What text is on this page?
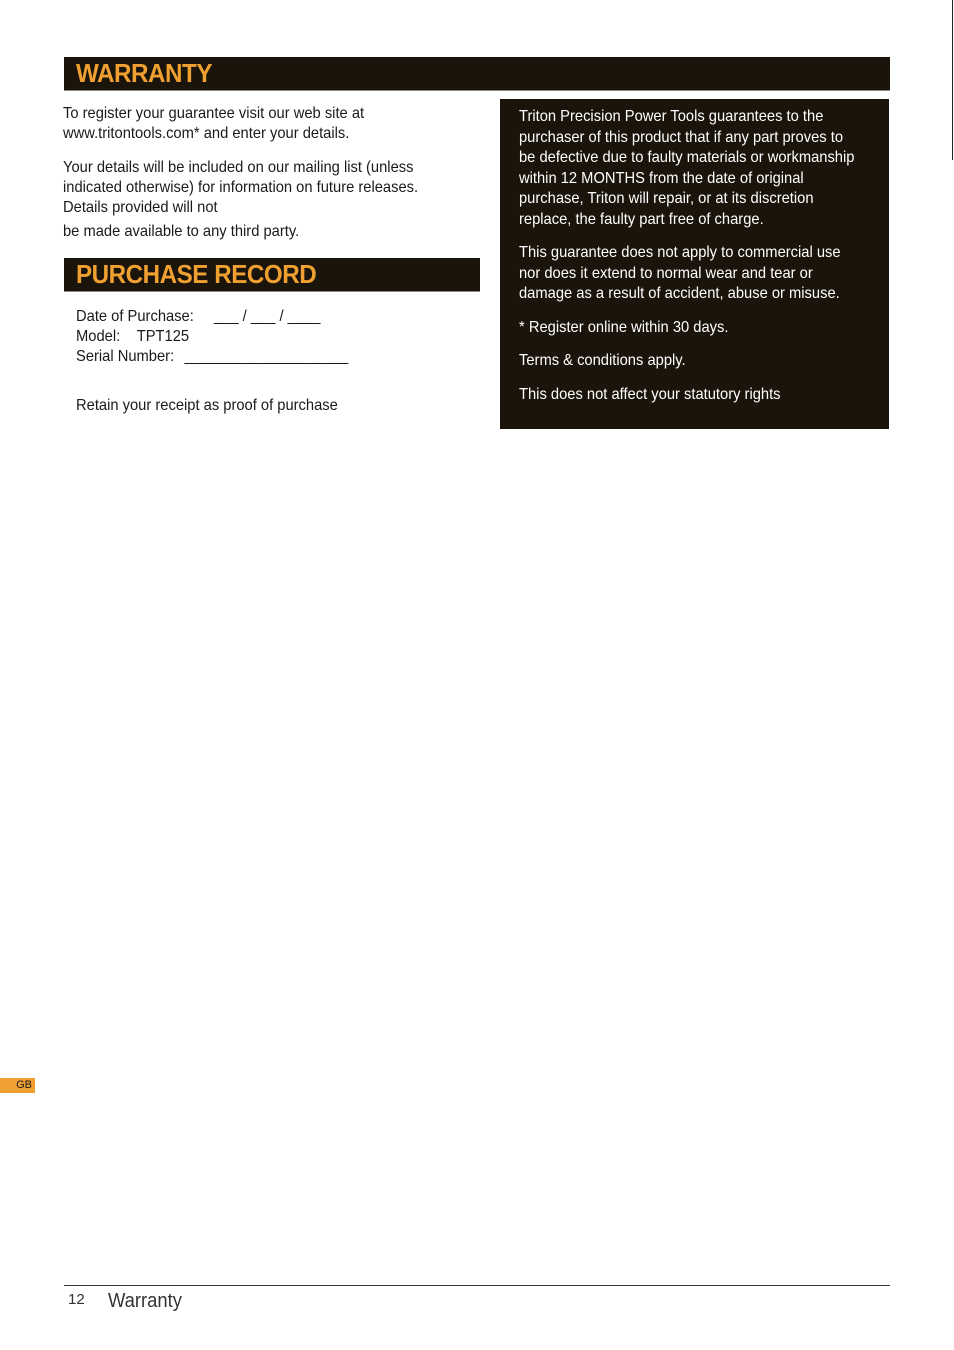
WARRANTY
To register your guarantee visit our web site at
www.tritontools.com* and enter your details.
Your details will be included on our mailing list (unless
indicated otherwise) for information on future releases.
Details provided will not
be made available to any third party.
PURCHASE RECORD
Date of Purchase: ___ / ___ / ____
Model: TPT125
Serial Number: ____________________
Retain your receipt as proof of purchase
Triton Precision Power Tools guarantees to the
purchaser of this product that if any part proves to
be defective due to faulty materials or workmanship
within 12 MONTHS from the date of original
purchase, Triton will repair, or at its discretion
replace, the faulty part free of charge.
This guarantee does not apply to commercial use
nor does it extend to normal wear and tear or
damage as a result of accident, abuse or misuse.
* Register online within 30 days.
Terms & conditions apply.
This does not affect your statutory rights
GB
12 Warranty
